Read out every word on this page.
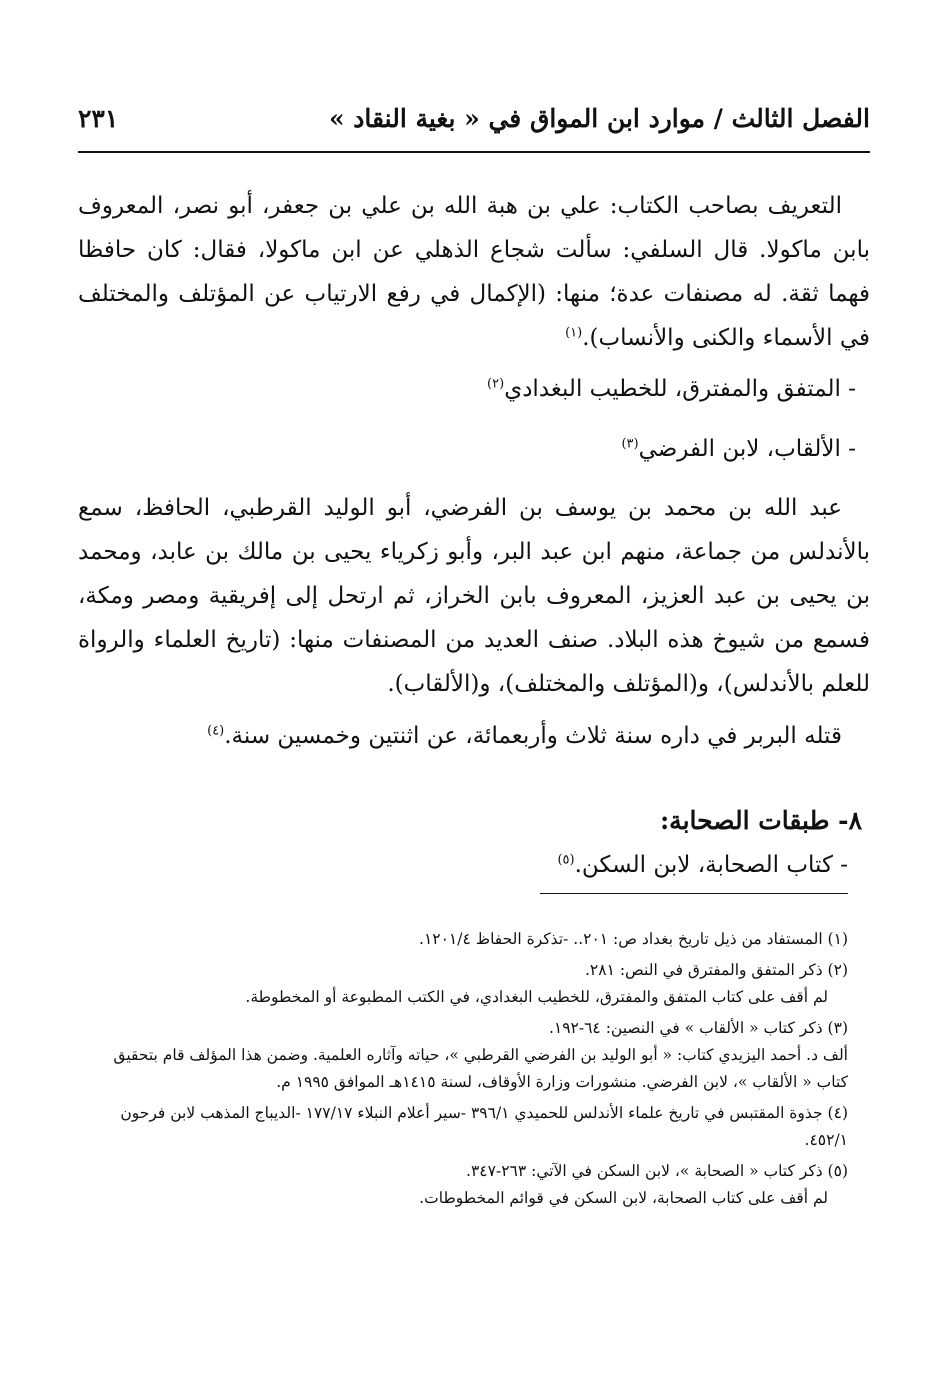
الفصل الثالث / موارد ابن المواق في « بغية النقاد »
٢٣١

التعريف بصاحب الكتاب: علي بن هبة الله بن علي بن جعفر، أبو نصر، المعروف بابن ماكولا. قال السلفي: سألت شجاع الذهلي عن ابن ماكولا، فقال: كان حافظا فهما ثقة. له مصنفات عدة؛ منها: (الإكمال في رفع الارتياب عن المؤتلف والمختلف في الأسماء والكنى والأنساب).$^{(١)}$

- المتفق والمفترق، للخطيب البغدادي$^{(٢)}$

- الألقاب، لابن الفرضي$^{(٣)}$

عبد الله بن محمد بن يوسف بن الفرضي، أبو الوليد القرطبي، الحافظ، سمع بالأندلس من جماعة، منهم ابن عبد البر، وأبو زكرياء يحيى بن مالك بن عابد، ومحمد بن يحيى بن عبد العزيز، المعروف بابن الخراز، ثم ارتحل إلى إفريقية ومصر ومكة، فسمع من شيوخ هذه البلاد. صنف العديد من المصنفات منها: (تاريخ العلماء والرواة للعلم بالأندلس)، و(المؤتلف والمختلف)، و(الألقاب).

قتله البربر في داره سنة ثلاث وأربعمائة، عن اثنتين وخمسين سنة.$^{(٤)}$

٨- طبقات الصحابة:
- كتاب الصحابة، لابن السكن.$^{(٥)}$

(١) المستفاد من ذيل تاريخ بغداد ص: ٢٠١.. -تذكرة الحفاظ ١٢٠١/٤.

(٢) ذكر المتفق والمفترق في النص: ٢٨١.
لم أقف على كتاب المتفق والمفترق، للخطيب البغدادي، في الكتب المطبوعة أو المخطوطة.

(٣) ذكر كتاب « الألقاب » في النصين: ٦٤-١٩٢.
ألف د. أحمد اليزيدي كتاب: « أبو الوليد بن الفرضي القرطبي »، حياته وآثاره العلمية. وضمن هذا المؤلف قام بتحقيق كتاب « الألقاب »، لابن الفرضي. منشورات وزارة الأوقاف، لسنة ١٤١٥هـ الموافق ١٩٩٥ م.

(٤) جذوة المقتبس في تاريخ علماء الأندلس للحميدي ٣٩٦/١ -سير أعلام النبلاء ١٧٧/١٧ -الديباج المذهب لابن فرحون ٤٥٢/١.

(٥) ذكر كتاب « الصحابة »، لابن السكن في الآتي: ٢٦٣-٣٤٧.
لم أقف على كتاب الصحابة، لابن السكن في قوائم المخطوطات.
